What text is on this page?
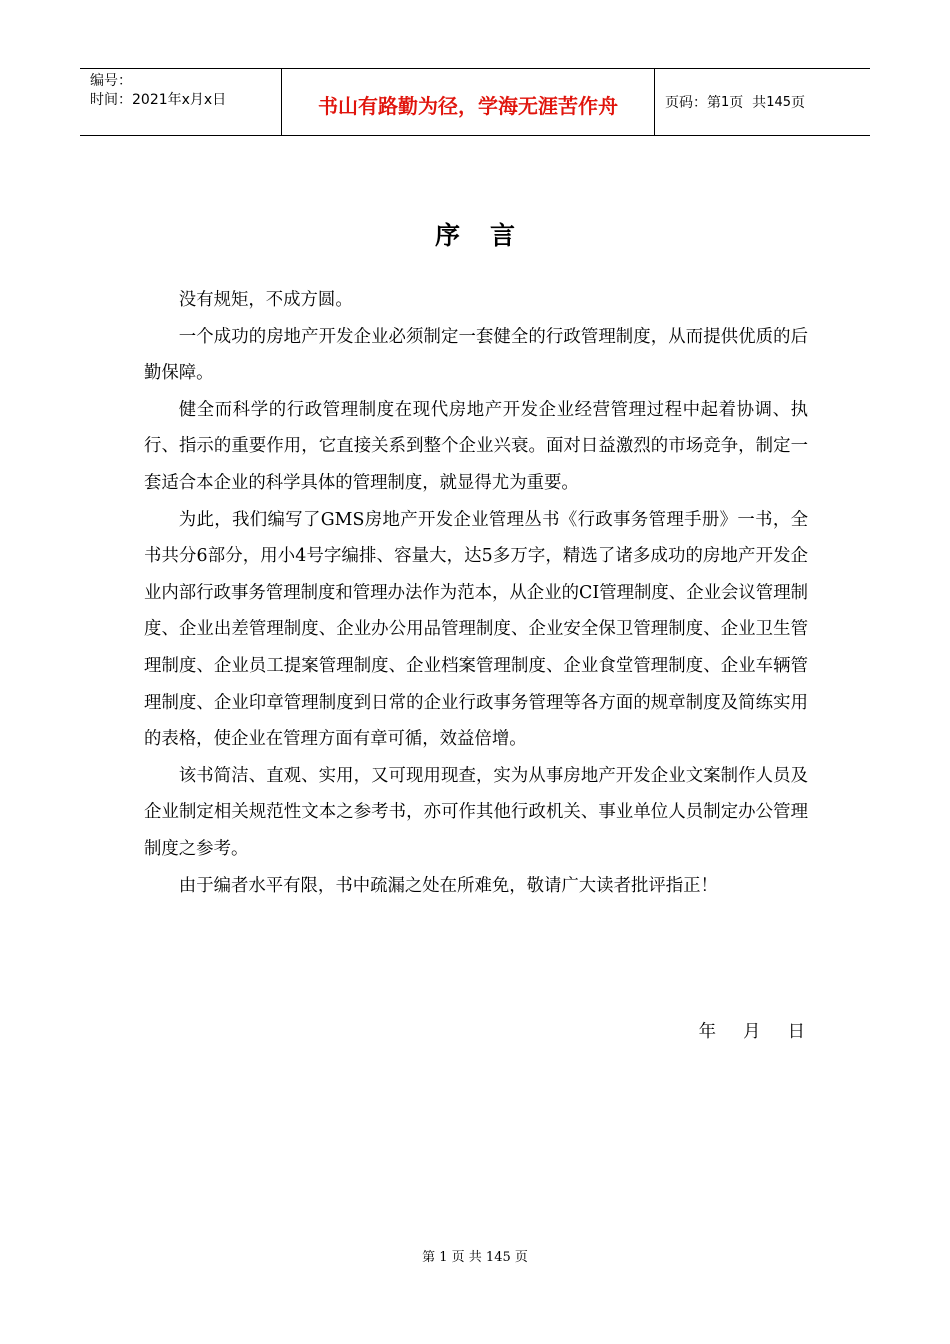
编号：
时间：2021年x月x日	书山有路勤为径，学海无涯苦作舟	页码：第 1 页  共 145 页
序言

没有规矩，不成方圆。

一个成功的房地产开发企业必须制定一套健全的行政管理制度，从而提供优质的后勤保障。

健全而科学的行政管理制度在现代房地产开发企业经营管理过程中起着协调、执行、指示的重要作用，它直接关系到整个企业兴衰。面对日益激烈的市场竞争，制定一套适合本企业的科学具体的管理制度，就显得尤为重要。

为此，我们编写了GMS房地产开发企业管理丛书《行政事务管理手册》一书，全书共分6部分，用小4号字编排、容量大，达5多万字，精选了诸多成功的房地产开发企业内部行政事务管理制度和管理办法作为范本，从企业的CI管理制度、企业会议管理制度、企业出差管理制度、企业办公用品管理制度、企业安全保卫管理制度、企业卫生管理制度、企业员工提案管理制度、企业档案管理制度、企业食堂管理制度、企业车辆管理制度、企业印章管理制度到日常的企业行政事务管理等各方面的规章制度及简练实用的表格，使企业在管理方面有章可循，效益倍增。

该书简洁、直观、实用，又可现用现查，实为从事房地产开发企业文案制作人员及企业制定相关规范性文本之参考书，亦可作其他行政机关、事业单位人员制定办公管理制度之参考。

由于编者水平有限，书中疏漏之处在所难免，敬请广大读者批评指正！

年    月    日
第 1 页 共 145 页
